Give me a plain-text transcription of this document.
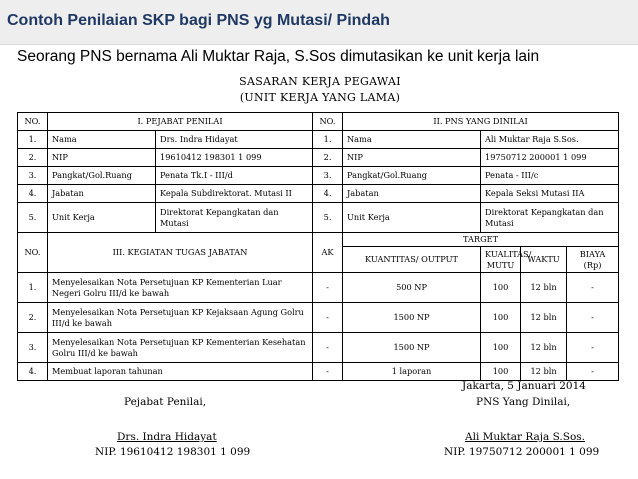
Contoh Penilaian SKP bagi PNS yg Mutasi/ Pindah
Seorang PNS bernama Ali Muktar Raja, S.Sos dimutasikan ke unit kerja lain
SASARAN KERJA PEGAWAI
(UNIT KERJA YANG LAMA)
NO.	I. PEJABAT PENILAI		NO.	II. PNS YANG DINILAI			
1.	Nama	Drs. Indra Hidayat	1.	Nama	Ali Muktar Raja S.Sos.		
2.	NIP	19610412 198301 1 099	2.	NIP	19750712 200001 1 099		
3.	Pangkat/Gol.Ruang	Penata Tk.I - III/d	3.	Pangkat/Gol.Ruang	Penata - III/c		
4.	Jabatan	Kepala Subdirektorat. Mutasi II	4.	Jabatan	Kepala Seksi Mutasi IIA		
5.	Unit Kerja	Direktorat Kepangkatan dan Mutasi	5.	Unit Kerja	Direktorat Kepangkatan dan Mutasi		
NO.	III. KEGIATAN TUGAS JABATAN		AK	TARGET			
				KUANTITAS/ OUTPUT	KUALITAS/ MUTU	WAKTU	BIAYA (Rp)
1.	Menyelesaikan Nota Persetujuan KP Kementerian Luar Negeri Golru III/d ke bawah		-	500 NP	100	12 bln	-
2.	Menyelesaikan Nota Persetujuan KP Kejaksaan Agung Golru III/d ke bawah		-	1500 NP	100	12 bln	-
3.	Menyelesaikan Nota Persetujuan KP Kementerian Kesehatan Golru III/d ke bawah		-	1500 NP	100	12 bln	-
4.	Membuat laporan tahunan		-	1 laporan	100	12 bln	-
Jakarta, 5 Januari 2014
Pejabat Penilai,	PNS Yang Dinilai,
Drs. Indra Hidayat
NIP. 19610412 198301 1 099
Ali Muktar Raja S.Sos.
NIP. 19750712 200001 1 099
